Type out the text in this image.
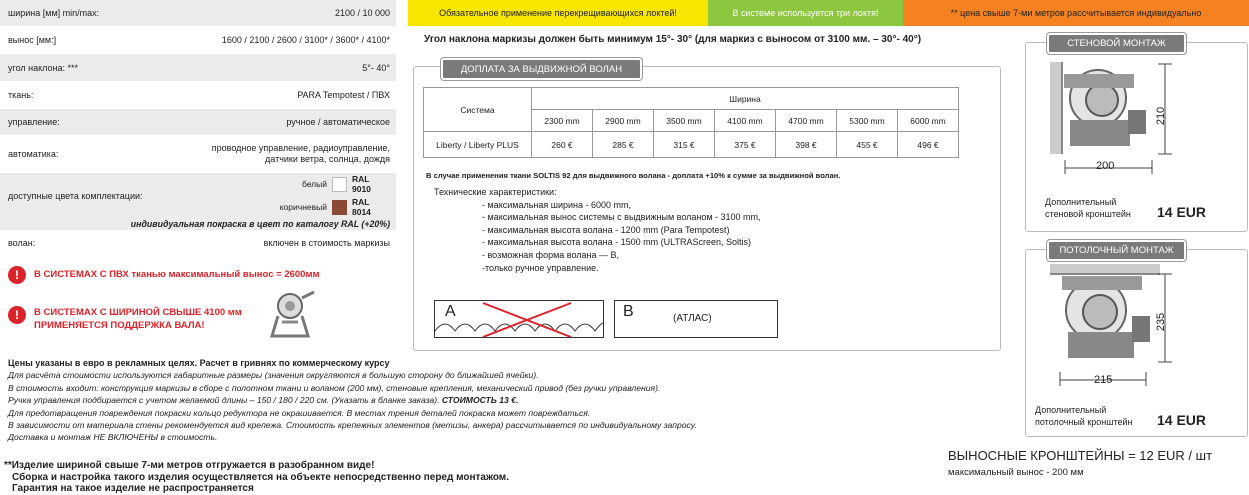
ширина [мм] min/max:	2100 / 10 000
вынос [мм:]	1600 / 2100 / 2600 / 3100* / 3600* / 4100*
угол наклона: ***	5°- 40°
ткань:	PARA Tempotest / ПВХ
управление:	ручное / автоматическое
автоматика:
проводное управление, радиоуправление,
датчики ветра, солнца, дождя
доступные цвета комплектации:
белый	RAL 9010
коричневый	RAL 8014
индивидуальная покраска в цвет по каталогу RAL (+20%)
волан:	включен в стоимость маркизы
!	В СИСТЕМАХ С ПВХ тканью максимальный вынос = 2600мм
!	В СИСТЕМАХ С ШИРИНОЙ СВЫШЕ 4100 мм
ПРИМЕНЯЕТСЯ ПОДДЕРЖКА ВАЛА!
Цены указаны в евро в рекламных целях. Расчет в гривнях по коммерческому курсу
Для расчёта стоимости используются габаритные размеры (значения округляются в большую сторону до ближайшей ячейки).
В стоимость входит: конструкция маркизы в сборе с полотном ткани и воланом (200 мм), стеновые крепления, механический привод (без ручки управления).
Ручка управления подбирается с учетом желаемой длины – 150 / 180 / 220 см. (Указать в бланке заказа). СТОИМОСТЬ 13 €.
Для предотвращения повреждения покраски кольцо редуктора не окрашивается. В местах трения деталей покраска может повреждаться.
В зависимости от материала стены рекомендуется вид крепежа. Стоимость крепежных элементов (метизы, анкера) рассчитывается по индивидуальному запросу.
Доставка и монтаж НЕ ВКЛЮЧЕНЫ в стоимость.
**Изделие шириной свыше 7-ми метров отгружается в разобранном виде!
Сборка и настройка такого изделия осуществляется на объекте непосредственно перед монтажом.
Гарантия на такое изделие не распространяется
Обязательное применение перекрещивающихся локтей!	В системе используется три локтя!	** цена свыше 7-ми метров рассчитывается индивидуально
Угол наклона маркизы должен быть минимум 15°- 30° (для маркиз с выносом от 3100 мм. – 30°- 40°)
ДОПЛАТА ЗА ВЫДВИЖНОЙ ВОЛАН
Система	Ширина						
	2300 mm	2900 mm	3500 mm	4100 mm	4700 mm	5300 mm	6000 mm
Liberty / Liberty PLUS	260 €	285 €	315 €	375 €	398 €	455 €	496 €
В случае применения ткани SOLTIS 92 для выдвижного волана - доплата +10% к сумме за выдвижной волан.
Технические характеристики:
- максимальная ширина - 6000 mm,
- максимальная вынос системы с выдвижным воланом - 3100 mm,
- максимальная высота волана - 1200 mm (Para Tempotest)
- максимальная высота волана - 1500 mm (ULTRAScreen, Soltis)
- возможная форма волана — В,
-только ручное управление.
A	B	(АТЛАС)
СТЕНОВОЙ МОНТАЖ
200
210
Дополнительный
стеновой кронштейн 14 EUR
ПОТОЛОЧНЫЙ МОНТАЖ
215
235
Дополнительный
потолочный кронштейн 14 EUR
ВЫНОСНЫЕ КРОНШТЕЙНЫ = 12 EUR / шт
максимальный вынос - 200 мм
